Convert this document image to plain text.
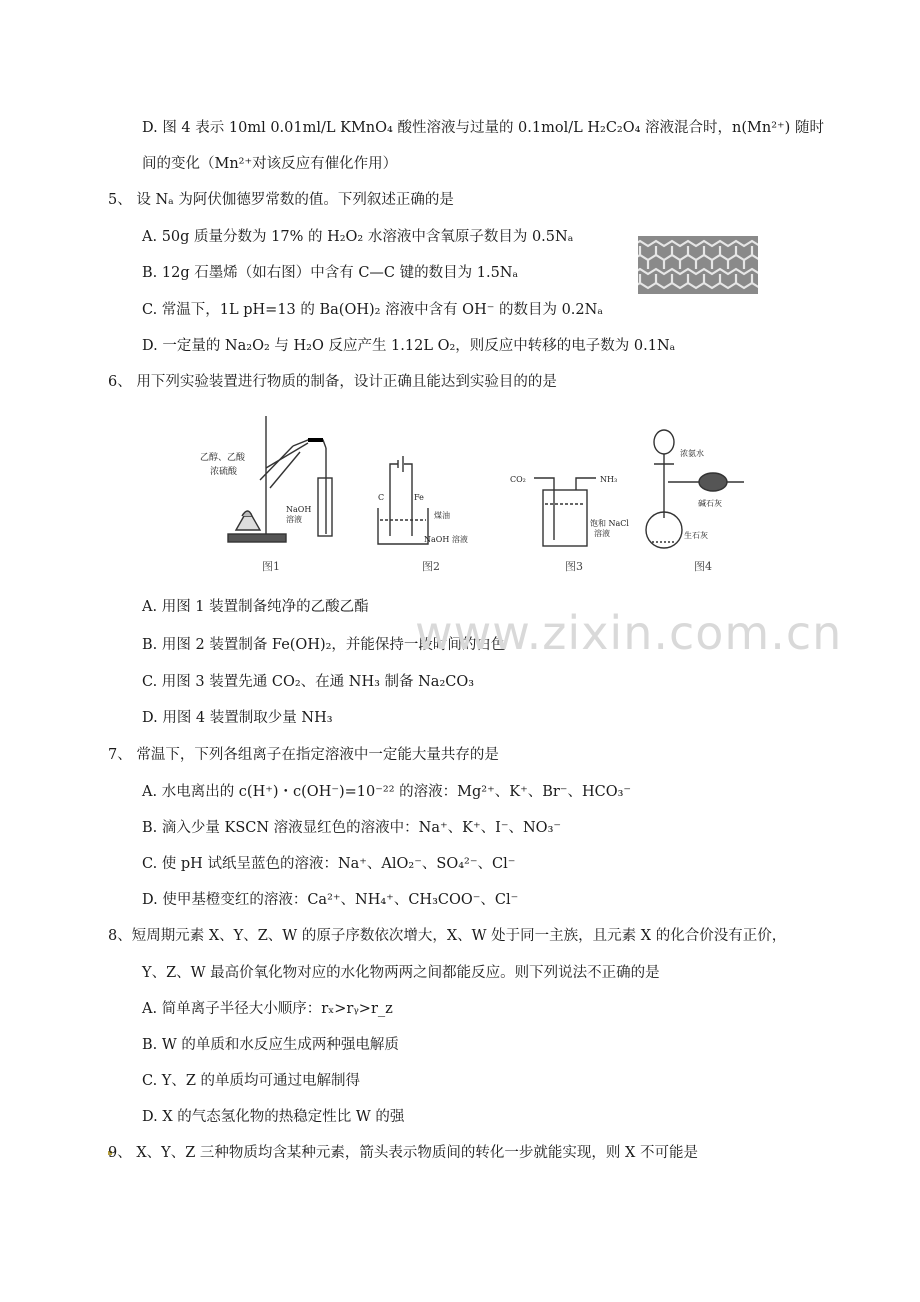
D. 图 4 表示 10ml 0.01ml/L KMnO₄ 酸性溶液与过量的 0.1mol/L H₂C₂O₄ 溶液混合时，n(Mn²⁺) 随时
间的变化（Mn²⁺对该反应有催化作用）
5、 设 Nₐ 为阿伏伽德罗常数的值。下列叙述正确的是
A. 50g 质量分数为 17% 的 H₂O₂ 水溶液中含氧原子数目为 0.5Nₐ
B. 12g 石墨烯（如右图）中含有 C—C 键的数目为 1.5Nₐ
C. 常温下，1L pH=13 的 Ba(OH)₂ 溶液中含有 OH⁻ 的数目为 0.2Nₐ
D. 一定量的 Na₂O₂ 与 H₂O 反应产生 1.12L O₂，则反应中转移的电子数为 0.1Nₐ
6、 用下列实验装置进行物质的制备，设计正确且能达到实验目的的是
乙醇、乙酸
浓硫酸
NaOH
溶液
C	Fe
煤油
NaOH 溶液
CO₂	NH₃
饱和 NaCl
溶液
浓氨水
碱石灰
生石灰
图1	图2	图3	图4
A. 用图 1 装置制备纯净的乙酸乙酯
B. 用图 2 装置制备 Fe(OH)₂，并能保持一段时间的白色
C. 用图 3 装置先通 CO₂、在通 NH₃ 制备 Na₂CO₃
D. 用图 4 装置制取少量 NH₃
www.zixin.com.cn
7、 常温下，下列各组离子在指定溶液中一定能大量共存的是
A. 水电离出的 c(H⁺)・c(OH⁻)=10⁻²² 的溶液：Mg²⁺、K⁺、Br⁻、HCO₃⁻
B. 滴入少量 KSCN 溶液显红色的溶液中：Na⁺、K⁺、I⁻、NO₃⁻
C. 使 pH 试纸呈蓝色的溶液：Na⁺、AlO₂⁻、SO₄²⁻、Cl⁻
D. 使甲基橙变红的溶液：Ca²⁺、NH₄⁺、CH₃COO⁻、Cl⁻
8、短周期元素 X、Y、Z、W 的原子序数依次增大，X、W 处于同一主族，且元素 X 的化合价没有正价，
Y、Z、W 最高价氧化物对应的水化物两两之间都能反应。则下列说法不正确的是
A. 简单离子半径大小顺序：rₓ>rᵧ>r_z
B. W 的单质和水反应生成两种强电解质
C. Y、Z 的单质均可通过电解制得
D. X 的气态氢化物的热稳定性比 W 的强
9、 X、Y、Z 三种物质均含某种元素，箭头表示物质间的转化一步就能实现，则 X 不可能是
